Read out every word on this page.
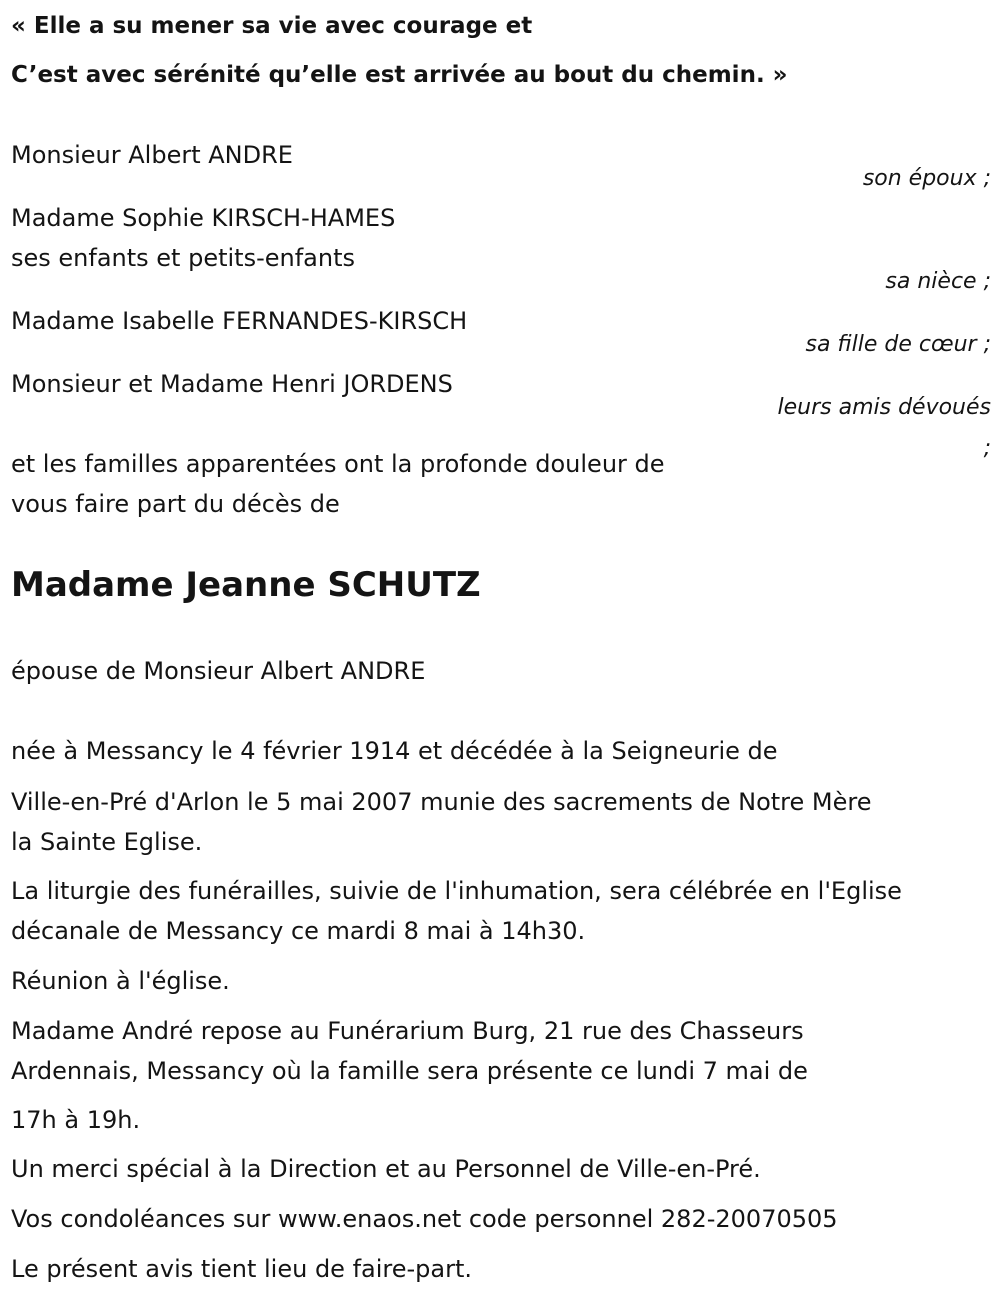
« Elle a su mener sa vie avec courage et
C’est avec sérénité qu’elle est arrivée au bout du chemin. »
Monsieur Albert ANDRE
son époux ;
Madame Sophie KIRSCH-HAMES
ses enfants et petits-enfants
sa nièce ;
Madame Isabelle FERNANDES-KIRSCH
sa fille de cœur ;
Monsieur et Madame Henri JORDENS
leurs amis dévoués
;
et les familles apparentées ont la profonde douleur de
vous faire part du décès de
Madame Jeanne SCHUTZ
épouse de Monsieur Albert ANDRE
née à Messancy le 4 février 1914 et décédée à la Seigneurie de
Ville-en-Pré d'Arlon le 5 mai 2007 munie des sacrements de Notre Mère
la Sainte Eglise.
La liturgie des funérailles, suivie de l'inhumation, sera célébrée en l'Eglise
décanale de Messancy ce mardi 8 mai à 14h30.
Réunion à l'église.
Madame André repose au Funérarium Burg, 21 rue des Chasseurs
Ardennais, Messancy où la famille sera présente ce lundi 7 mai de
17h à 19h.
Un merci spécial à la Direction et au Personnel de Ville-en-Pré.
Vos condoléances sur www.enaos.net code personnel 282-20070505
Le présent avis tient lieu de faire-part.
